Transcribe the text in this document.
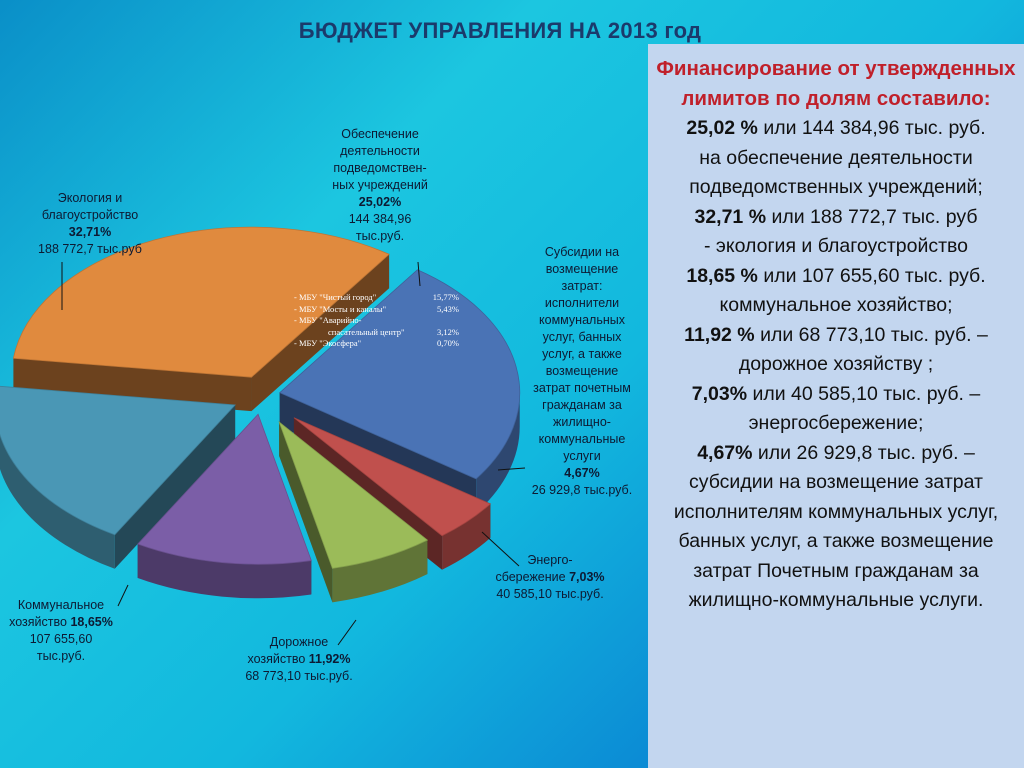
БЮДЖЕТ УПРАВЛЕНИЯ НА 2013 год
- МБУ "Чистый город"	15,77%
- МБУ "Мосты и каналы"	5,43%
- МБУ "Аварийно-
спасательный центр"	3,12%
- МБУ "Экосфера"	0,70%
Экология и
благоустройство
32,71%
188 772,7 тыс.руб
Обеспечение
деятельности
подведомствен-
ных учреждений
25,02%
144 384,96
тыс.руб.
Субсидии на
возмещение
затрат:
исполнители
коммунальных
услуг, банных
услуг, а также
возмещение
затрат почетным
гражданам за
жилищно-
коммунальные
услуги
4,67%
26 929,8 тыс.руб.
Энерго-
сбережение 7,03%
40 585,10 тыс.руб.
Дорожное
хозяйство 11,92%
68 773,10 тыс.руб.
Коммунальное
хозяйство 18,65%
107 655,60
тыс.руб.
Финансирование от утвержденных лимитов по долям составило:
25,02 % или 144 384,96 тыс. руб.
на обеспечение деятельности подведомственных учреждений;
32,71 % или 188 772,7 тыс. руб
- экология и благоустройство
18,65 % или 107 655,60 тыс. руб. коммунальное хозяйство;
11,92 % или 68 773,10 тыс. руб. – дорожное хозяйству ;
7,03% или 40 585,10 тыс. руб. – энергосбережение;
4,67% или 26 929,8 тыс. руб. – субсидии на возмещение затрат исполнителям коммунальных услуг, банных услуг, а также возмещение затрат Почетным гражданам за жилищно-коммунальные услуги.
